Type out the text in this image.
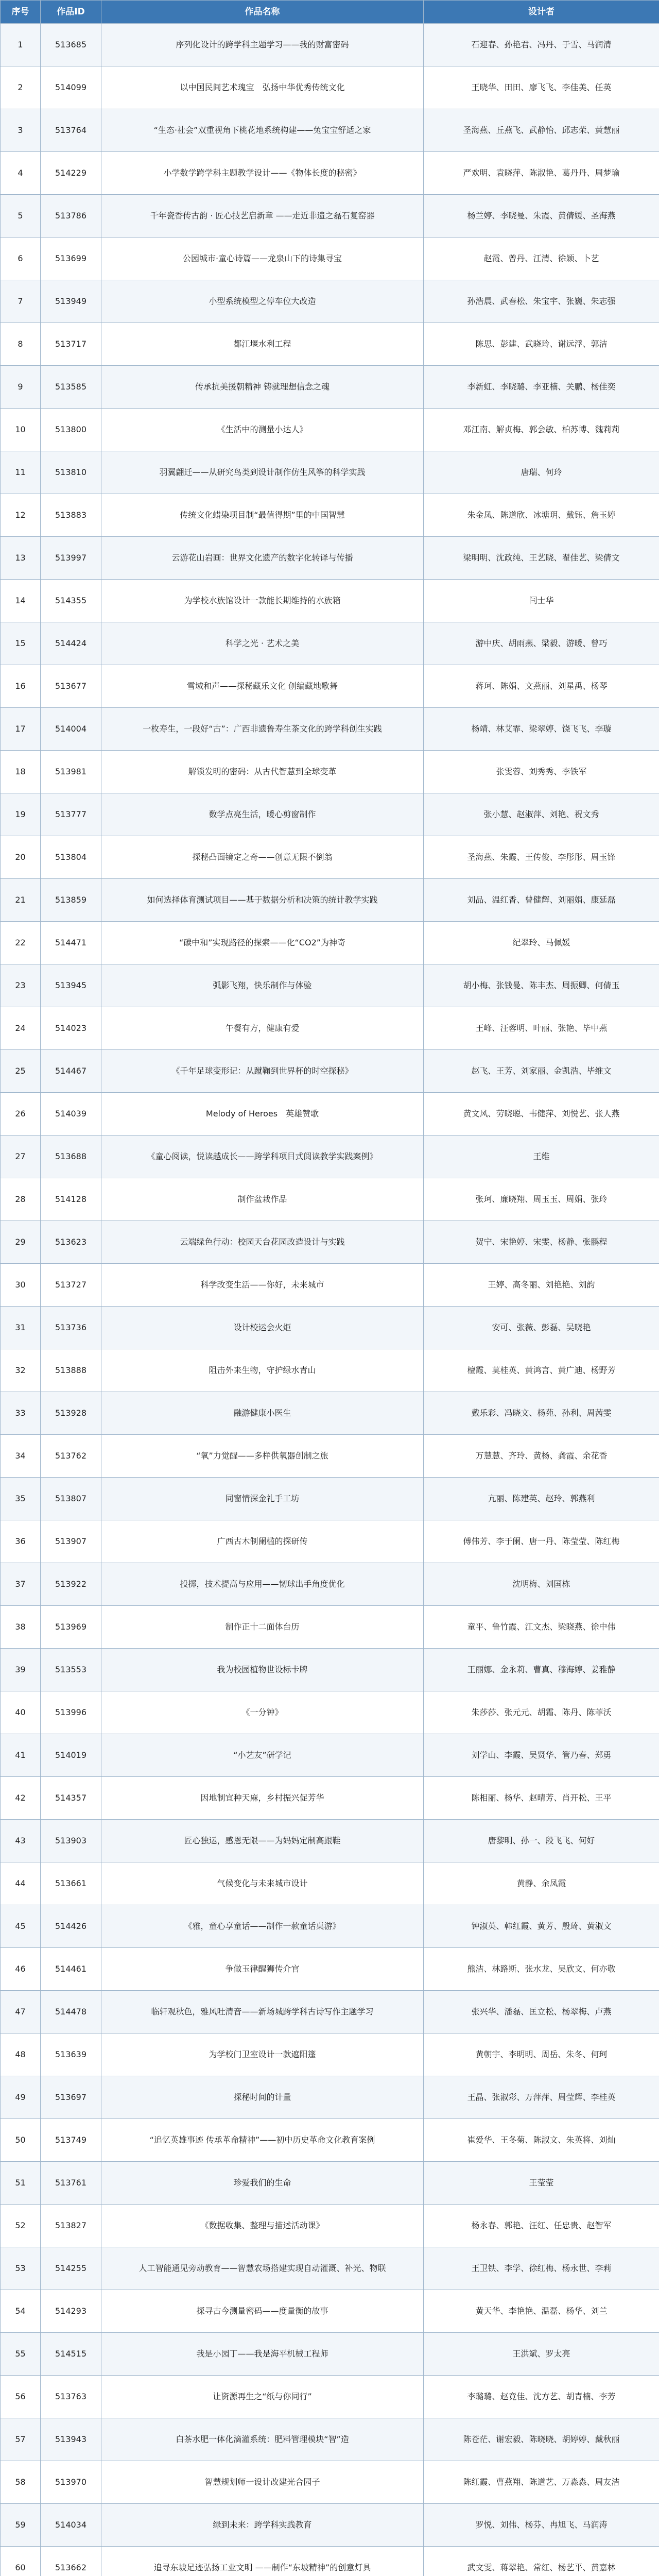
序号	作品ID	作品名称	设计者
1	513685	序列化设计的跨学科主题学习——我的财富密码	石迎春、孙艳君、冯丹、于雪、马润清
2	514099	以中国民间艺术瑰宝　弘扬中华优秀传统文化	王晓华、田田、廖飞飞、李佳美、任英
3	513764	“生态·社会”双重视角下桃花地系统构建——兔宝宝舒适之家	圣海燕、丘燕飞、武静怡、邱志荣、黄慧丽
4	514229	小学数学跨学科主题教学设计——《物体长度的秘密》	严欢明、袁晓萍、陈淑艳、葛丹丹、周梦瑜
5	513786	千年瓷香传古韵 · 匠心技艺启新章 ——走近非遗之磊石复窑器	杨兰婷、李晓曼、朱霞、黄倩媛、圣海燕
6	513699	公园城市·童心诗篇——龙泉山下的诗集寻宝	赵霞、曾丹、江清、徐颖、卜艺
7	513949	小型系统模型之停车位大改造	孙浩晨、武春松、朱宝宇、张巍、朱志强
8	513717	都江堰水利工程	陈思、彭建、武晓玲、谢远浮、郭洁
9	513585	传承抗美援朝精神 铸就理想信念之魂	李新虹、李晓璐、李亚楠、关鹏、杨佳奕
10	513800	《生活中的测量小达人》	邓江南、解贞梅、郭会敏、柏苏博、魏莉莉
11	513810	羽翼翩迁——从研究鸟类到设计制作仿生风筝的科学实践	唐瑞、何玲
12	513883	传统文化蜡染项目制“最值得期”里的中国智慧	朱金凤、陈道欣、冰塘玥、戴钰、詹玉婷
13	513997	云游花山岩画：世界文化遗产的数字化转译与传播	梁明明、沈政纯、王艺晓、翟佳艺、梁倩文
14	514355	为学校水族馆设计一款能长期维持的水族箱	闫士华
15	514424	科学之光 · 艺术之美	游中庆、胡雨燕、梁毅、游暖、曾巧
16	513677	雪域和声——探秘藏乐文化 创编藏地歌舞	蒋珂、陈娟、文燕丽、刘星禹、杨琴
17	514004	一枚寿生，一段好“古”：广西非遗鲁寿生茶文化的跨学科创生实践	杨靖、林艾霏、梁翠婷、饶飞飞、李璇
18	513981	解锁发明的密码：从古代智慧到全球变革	张雯蓉、刘秀秀、李铁军
19	513777	数学点亮生活，暖心剪窗制作	张小慧、赵淑萍、刘艳、祝文秀
20	513804	探秘凸面镜定之奇——创意无限不倒翁	圣海燕、朱霞、王传俊、李彤彤、周玉锋
21	513859	如何选择体育测试项目——基于数据分析和决策的统计教学实践	刘品、温红香、曾健辉、刘丽娟、康延磊
22	514471	“碳中和”实现路径的探索——化“CO2”为神奇	纪翠玲、马佩媛
23	513945	弧影飞翔，快乐制作与体验	胡小梅、张钱曼、陈丰杰、周振卿、何倩玉
24	514023	午餐有方，健康有爱	王峰、汪蓉明、叶丽、张艳、毕中燕
25	514467	《千年足球变形记：从蹴鞠到世界杯的时空探秘》	赵飞、王芳、刘家丽、金凯浩、毕维文
26	514039	Melody of Heroes　英雄赞歌	黄文风、劳晓聪、韦健萍、刘悦艺、张人燕
27	513688	《童心阅读，悦读越成长——跨学科项目式阅读教学实践案例》	王维
28	514128	制作盆栽作品	张珂、廉晓翔、周玉玉、周娟、张玲
29	513623	云端绿色行动：校园天台花园改造设计与实践	贺宁、宋艳婷、宋雯、杨静、张鹏程
30	513727	科学改变生活——你好，未来城市	王婷、高冬丽、刘艳艳、刘韵
31	513736	设计校运会火炬	安可、张薇、彭磊、吴晓艳
32	513888	阻击外来生物，守护绿水青山	檀霞、莫桂英、黄鸿言、黄广迪、杨野芳
33	513928	融游健康小医生	戴乐彩、冯晓文、杨苑、孙利、周茜雯
34	513762	“氧”力觉醒——多样供氧器创制之旅	万慧慧、齐玲、黄杨、龚霞、余花香
35	513807	同窗情深金礼手工坊	亢丽、陈建英、赵玲、郭燕利
36	513907	广西古木制阑槛的探研传	傅伟芳、李于阑、唐一丹、陈莹莹、陈红梅
37	513922	投掷，技术提高与应用——韧球出手角度优化	沈明梅、刘国栋
38	513969	制作正十二面体台历	童平、鲁竹霞、江文杰、梁晓燕、徐中伟
39	513553	我为校园植物世设标卡牌	王丽娜、金永莉、曹真、穆海婷、姜雅静
40	513996	《一分钟》	朱莎莎、张元元、胡霜、陈丹、陈菲沃
41	514019	“小艺友”研学记	刘学山、李霞、吴贤华、管乃春、郑勇
42	514357	因地制宜种天麻，乡村振兴促芳华	陈相丽、杨华、赵晴芳、肖开松、王平
43	513903	匠心独运，感恩无限——为妈妈定制高跟鞋	唐黎明、孙一、段飞飞、何好
44	513661	气候变化与未来城市设计	黄静、余凤霞
45	514426	《雅，童心享童话——制作一款童话桌游》	钟淑英、韩红霞、黄芳、殷琦、黄淑文
46	514461	争做玉律醒狮传介官	熊洁、林路斯、张水龙、吴欣文、何亦敬
47	514478	临轩观秋色，雅风吐清音——新场城跨学科古诗写作主题学习	张兴华、潘磊、匡立松、杨翠梅、卢燕
48	513639	为学校门卫室设计一款遮阳篷	黄朝宇、李明明、周岳、朱冬、何珂
49	513697	探秘时间的计量	王晶、张淑彩、万萍萍、周莹辉、李桂英
50	513749	“追忆英雄事迹 传承革命精神”——初中历史革命文化教育案例	崔爱华、王冬菊、陈淑文、朱英将、刘灿
51	513761	珍爱我们的生命	王莹莹
52	513827	《数据收集、整理与描述活动课》	杨永春、郭艳、汪红、任忠贵、赵智军
53	514255	人工智能通见旁动教育——智慧农场搭建实现自动灌溉、补光、物联	王卫铁、李学、徐红梅、杨永世、李莉
54	514293	探寻古今测量密码——度量衡的故事	黄天华、李艳艳、温磊、杨华、刘兰
55	514515	我是小园丁——我是海平机械工程师	王洪斌、罗太亮
56	513763	让资源再生之“纸与你同行”	李璐璐、赵竟佳、沈方艺、胡青楠、李芳
57	513943	白茶水肥一体化滴灌系统：肥料管理模块“智”造	陈苍茫、谢宏毅、陈晓晓、胡婷婷、戴秋丽
58	513970	智慧规划师一设计改建光合园子	陈红霞、曹燕翔、陈道艺、万淼淼、周友洁
59	514034	绿到未来：跨学科实践教育	罗悦、刘伟、杨芬、冉旭飞、马润涛
60	513662	追寻东坡足迹弘扬工业文明 ——制作“东坡精神”的创意灯具	武文雯、蒋翠艳、常红、杨艺平、黄嘉林
